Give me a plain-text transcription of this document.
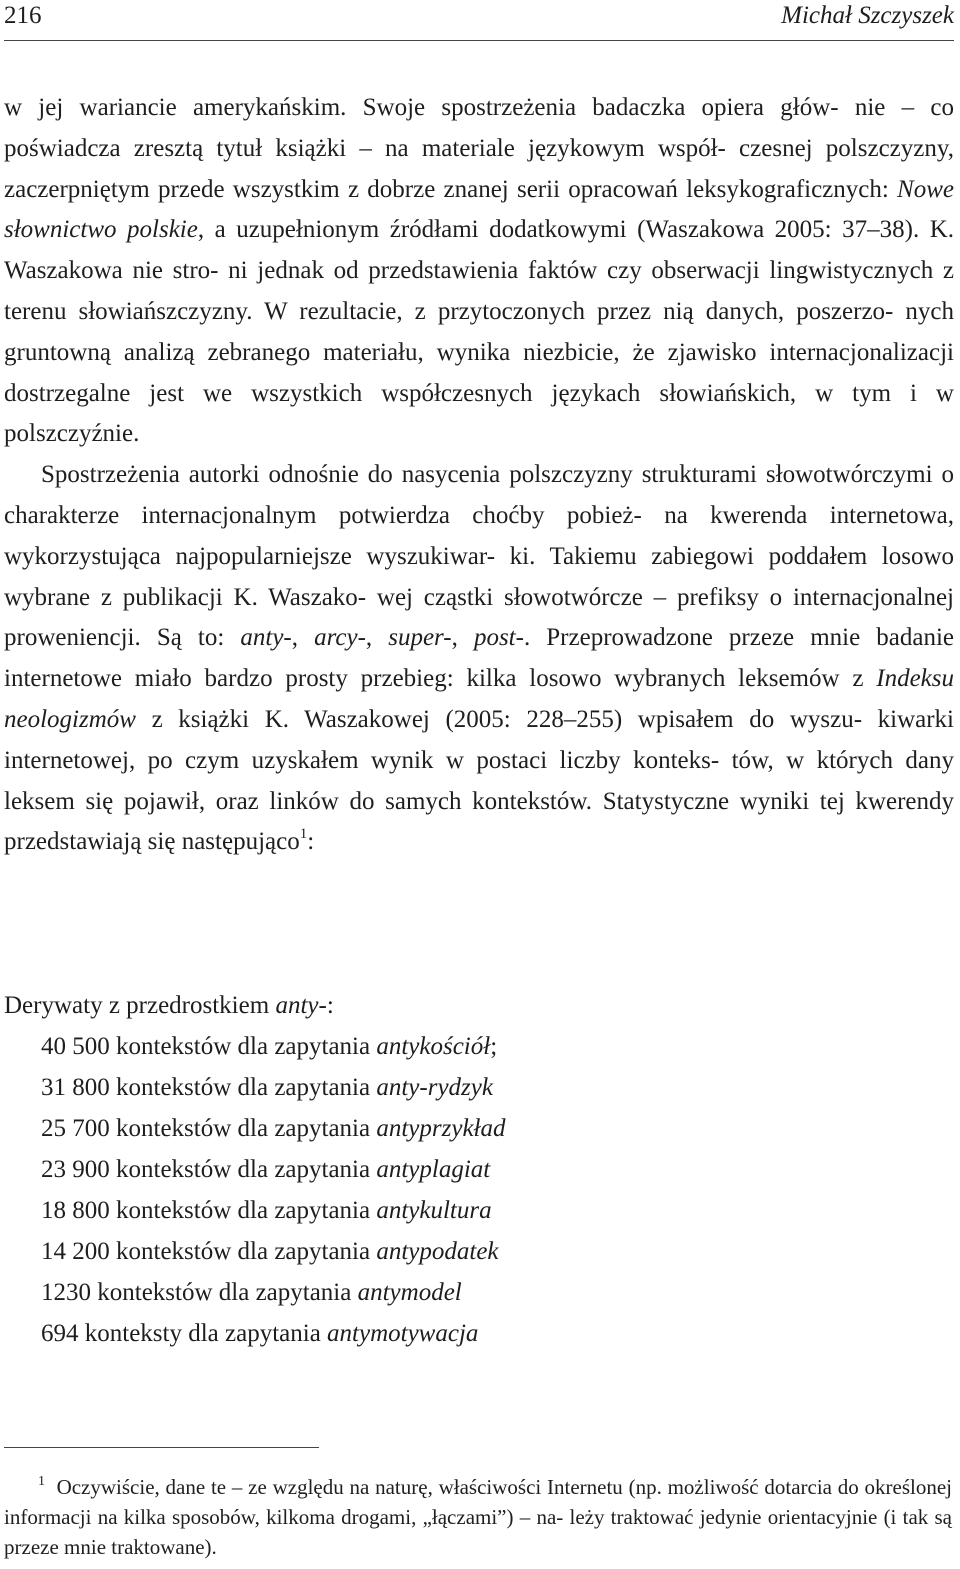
216	Michał Szczyszek

w jej wariancie amerykańskim. Swoje spostrzeżenia badaczka opiera głów- nie – co poświadcza zresztą tytuł książki – na materiale językowym współ- czesnej polszczyzny, zaczerpniętym przede wszystkim z dobrze znanej serii opracowań leksykograficznych: Nowe słownictwo polskie, a uzupełnionym źródłami dodatkowymi (Waszakowa 2005: 37–38). K. Waszakowa nie stro- ni jednak od przedstawienia faktów czy obserwacji lingwistycznych z terenu słowiańszczyzny. W rezultacie, z przytoczonych przez nią danych, poszerzo- nych gruntowną analizą zebranego materiału, wynika niezbicie, że zjawisko internacjonalizacji dostrzegalne jest we wszystkich współczesnych językach słowiańskich, w tym i w polszczyźnie.

Spostrzeżenia autorki odnośnie do nasycenia polszczyzny strukturami słowotwórczymi o charakterze internacjonalnym potwierdza choćby pobież- na kwerenda internetowa, wykorzystująca najpopularniejsze wyszukiwar- ki. Takiemu zabiegowi poddałem losowo wybrane z publikacji K. Waszako- wej cząstki słowotwórcze – prefiksy o internacjonalnej proweniencji. Są to: anty-, arcy-, super-, post-. Przeprowadzone przeze mnie badanie internetowe miało bardzo prosty przebieg: kilka losowo wybranych leksemów z Indeksu neologizmów z książki K. Waszakowej (2005: 228–255) wpisałem do wyszu- kiwarki internetowej, po czym uzyskałem wynik w postaci liczby konteks- tów, w których dany leksem się pojawił, oraz linków do samych kontekstów. Statystyczne wyniki tej kwerendy przedstawiają się następująco$^1$:

Derywaty z przedrostkiem anty-:
40 500 kontekstów dla zapytania antykościół;
31 800 kontekstów dla zapytania anty-rydzyk
25 700 kontekstów dla zapytania antyprzykład
23 900 kontekstów dla zapytania antyplagiat
18 800 kontekstów dla zapytania antykultura
14 200 kontekstów dla zapytania antypodatek
1230 kontekstów dla zapytania antymodel
694 konteksty dla zapytania antymotywacja
$^1$ Oczywiście, dane te – ze względu na naturę, właściwości Internetu (np. możliwość dotarcia do określonej informacji na kilka sposobów, kilkoma drogami, „łączami”) – na- leży traktować jedynie orientacyjnie (i tak są przeze mnie traktowane).
